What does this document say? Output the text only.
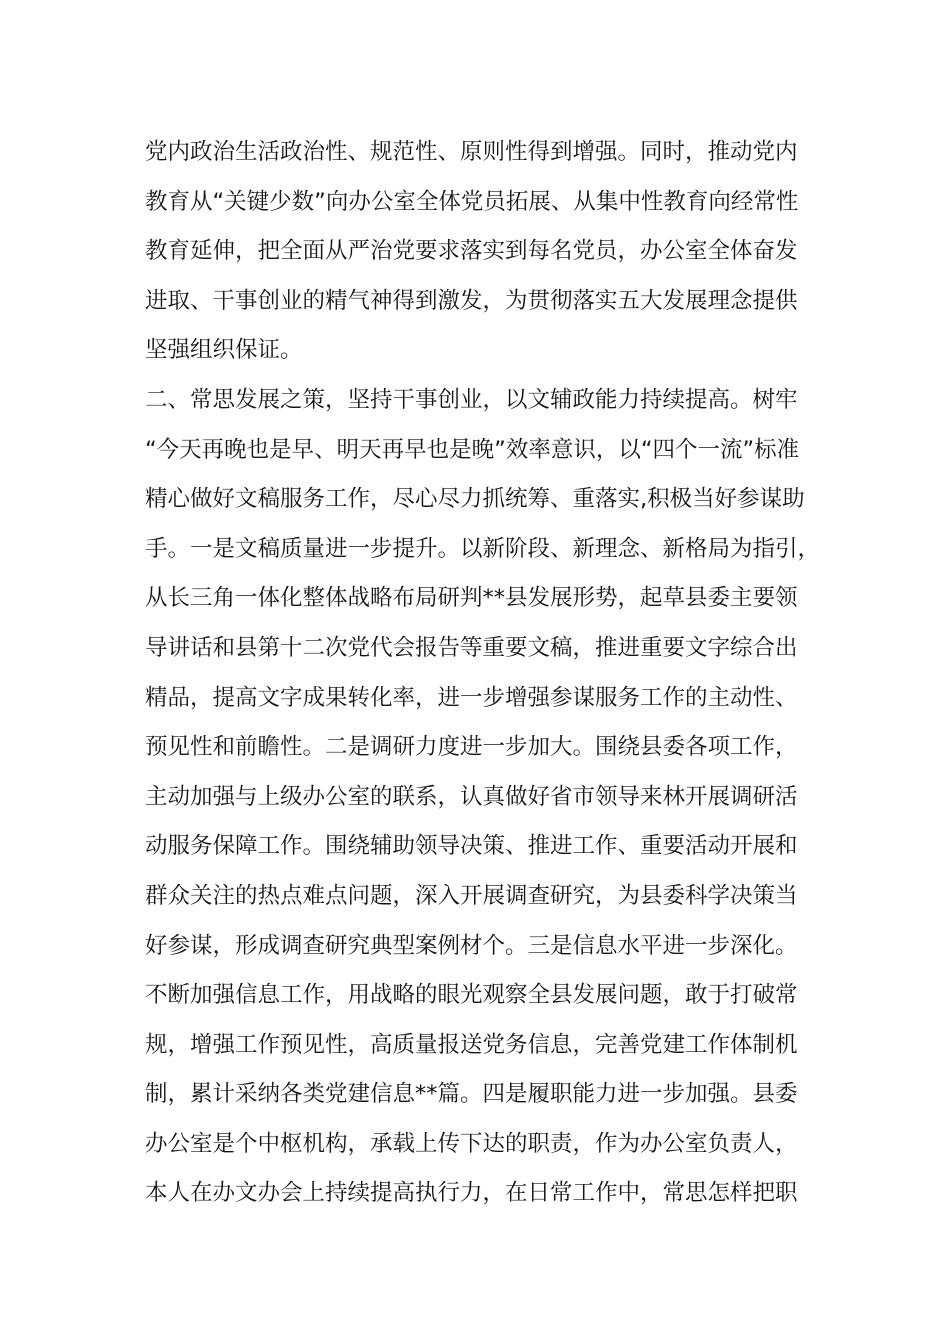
党内政治生活政治性、规范性、原则性得到增强。同时，推动党内
教育从“关键少数”向办公室全体党员拓展、从集中性教育向经常性
教育延伸，把全面从严治党要求落实到每名党员，办公室全体奋发
进取、干事创业的精气神得到激发，为贯彻落实五大发展理念提供
坚强组织保证。
二、常思发展之策，坚持干事创业，以文辅政能力持续提高。树牢
“今天再晚也是早、明天再早也是晚”效率意识，以“四个一流”标准
精心做好文稿服务工作，尽心尽力抓统筹、重落实,积极当好参谋助
手。一是文稿质量进一步提升。以新阶段、新理念、新格局为指引，
从长三角一体化整体战略布局研判**县发展形势，起草县委主要领
导讲话和县第十二次党代会报告等重要文稿，推进重要文字综合出
精品，提高文字成果转化率，进一步增强参谋服务工作的主动性、
预见性和前瞻性。二是调研力度进一步加大。围绕县委各项工作，
主动加强与上级办公室的联系，认真做好省市领导来林开展调研活
动服务保障工作。围绕辅助领导决策、推进工作、重要活动开展和
群众关注的热点难点问题，深入开展调查研究，为县委科学决策当
好参谋，形成调查研究典型案例材个。三是信息水平进一步深化。
不断加强信息工作，用战略的眼光观察全县发展问题，敢于打破常
规，增强工作预见性，高质量报送党务信息，完善党建工作体制机
制，累计采纳各类党建信息**篇。四是履职能力进一步加强。县委
办公室是个中枢机构，承载上传下达的职责，作为办公室负责人，
本人在办文办会上持续提高执行力，在日常工作中，常思怎样把职
